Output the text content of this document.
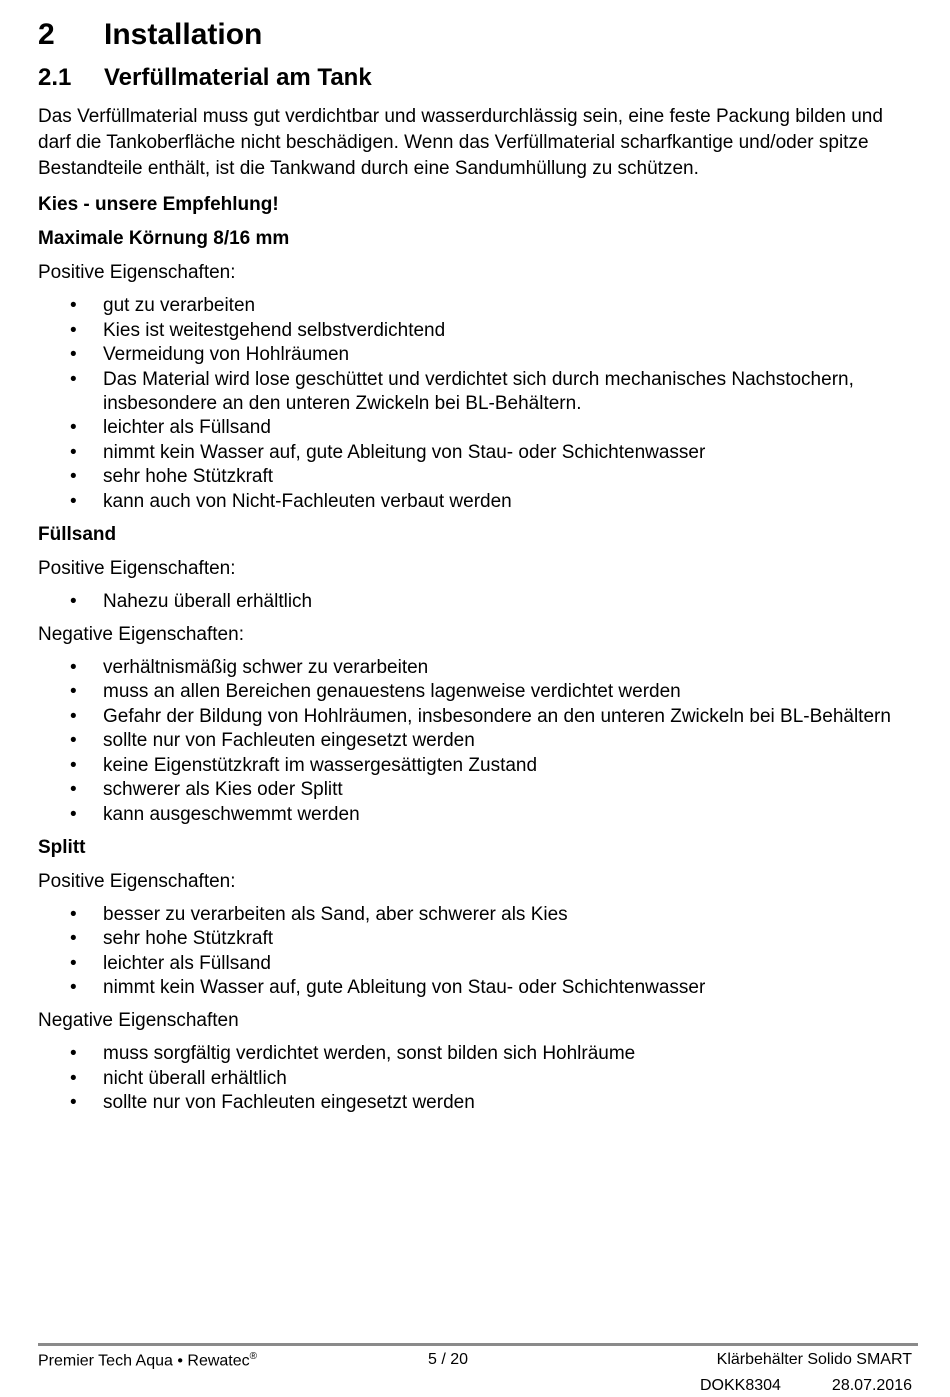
2 Installation
2.1 Verfüllmaterial am Tank

Das Verfüllmaterial muss gut verdichtbar und wasserdurchlässig sein, eine feste Packung bilden und darf die Tankoberfläche nicht beschädigen. Wenn das Verfüllmaterial scharfkantige und/oder spitze Bestandteile enthält, ist die Tankwand durch eine Sandumhüllung zu schützen.

Kies - unsere Empfehlung!

Maximale Körnung 8/16 mm

Positive Eigenschaften:

• gut zu verarbeiten
• Kies ist weitestgehend selbstverdichtend
• Vermeidung von Hohlräumen
• Das Material wird lose geschüttet und verdichtet sich durch mechanisches Nachstochern, insbesondere an den unteren Zwickeln bei BL-Behältern.
• leichter als Füllsand
• nimmt kein Wasser auf, gute Ableitung von Stau- oder Schichtenwasser
• sehr hohe Stützkraft
• kann auch von Nicht-Fachleuten verbaut werden

Füllsand

Positive Eigenschaften:

• Nahezu überall erhältlich

Negative Eigenschaften:

• verhältnismäßig schwer zu verarbeiten
• muss an allen Bereichen genauestens lagenweise verdichtet werden
• Gefahr der Bildung von Hohlräumen, insbesondere an den unteren Zwickeln bei BL-Behältern
• sollte nur von Fachleuten eingesetzt werden
• keine Eigenstützkraft im wassergesättigten Zustand
• schwerer als Kies oder Splitt
• kann ausgeschwemmt werden

Splitt

Positive Eigenschaften:

• besser zu verarbeiten als Sand, aber schwerer als Kies
• sehr hohe Stützkraft
• leichter als Füllsand
• nimmt kein Wasser auf, gute Ableitung von Stau- oder Schichtenwasser

Negative Eigenschaften

• muss sorgfältig verdichtet werden, sonst bilden sich Hohlräume
• nicht überall erhältlich
• sollte nur von Fachleuten eingesetzt werden
Premier Tech Aqua • Rewatec®	5 / 20	Klärbehälter Solido SMART
DOKK8304	28.07.2016
